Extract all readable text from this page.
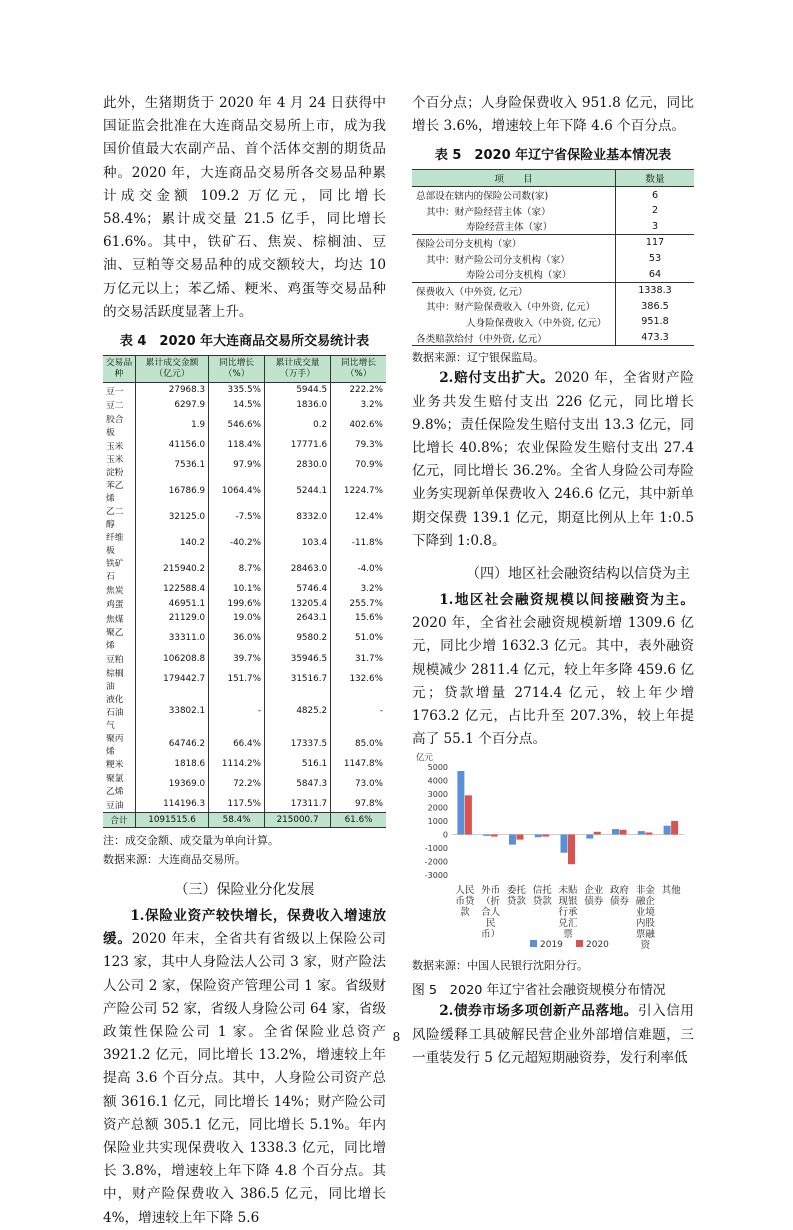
此外，生猪期货于 2020 年 4 月 24 日获得中国证监会批准在大连商品交易所上市，成为我国价值最大农副产品、首个活体交割的期货品种。2020 年，大连商品交易所各交易品种累计成交金额 109.2 万亿元，同比增长 58.4%；累计成交量 21.5 亿手，同比增长 61.6%。其中，铁矿石、焦炭、棕榈油、豆油、豆粕等交易品种的成交额较大，均达 10 万亿元以上；苯乙烯、粳米、鸡蛋等交易品种的交易活跃度显著上升。

表 4　2020 年大连商品交易所交易统计表
交易品种	累计成交金额（亿元）	同比增长（%）	累计成交量（万手）	同比增长（%）
豆一	27968.3	335.5%	5944.5	222.2%
豆二	6297.9	14.5%	1836.0	3.2%
胶合板	1.9	546.6%	0.2	402.6%
玉米	41156.0	118.4%	17771.6	79.3%
玉米淀粉	7536.1	97.9%	2830.0	70.9%
苯乙烯	16786.9	1064.4%	5244.1	1224.7%
乙二醇	32125.0	-7.5%	8332.0	12.4%
纤维板	140.2	-40.2%	103.4	-11.8%
铁矿石	215940.2	8.7%	28463.0	-4.0%
焦炭	122588.4	10.1%	5746.4	3.2%
鸡蛋	46951.1	199.6%	13205.4	255.7%
焦煤	21129.0	19.0%	2643.1	15.6%
聚乙烯	33311.0	36.0%	9580.2	51.0%
豆粕	106208.8	39.7%	35946.5	31.7%
棕榈油	179442.7	151.7%	31516.7	132.6%
液化石油气	33802.1	-	4825.2	-
聚丙烯	64746.2	66.4%	17337.5	85.0%
粳米	1818.6	1114.2%	516.1	1147.8%
聚氯乙烯	19369.0	72.2%	5847.3	73.0%
豆油	114196.3	117.5%	17311.7	97.8%
合计	1091515.6	58.4%	215000.7	61.6%

注：成交金额、成交量为单向计算。

数据来源：大连商品交易所。

（三）保险业分化发展

1.保险业资产较快增长，保费收入增速放缓。2020 年末，全省共有省级以上保险公司 123 家，其中人身险法人公司 3 家，财产险法人公司 2 家，保险资产管理公司 1 家。省级财产险公司 52 家，省级人身险公司 64 家，省级政策性保险公司 1 家。全省保险业总资产 3921.2 亿元，同比增长 13.2%，增速较上年提高 3.6 个百分点。其中，人身险公司资产总额 3616.1 亿元，同比增长 14%；财产险公司资产总额 305.1 亿元，同比增长 5.1%。年内保险业共实现保费收入 1338.3 亿元，同比增长 3.8%，增速较上年下降 4.8 个百分点。其中，财产险保费收入 386.5 亿元，同比增长 4%，增速较上年下降 5.6

个百分点；人身险保费收入 951.8 亿元，同比增长 3.6%，增速较上年下降 4.6 个百分点。

表 5　2020 年辽宁省保险业基本情况表
项　　目	数量
总部设在辖内的保险公司数(家)	6
其中：财产险经营主体（家）	2
寿险经营主体（家）	3
保险公司分支机构（家）	117
其中：财产险公司分支机构（家）	53
寿险公司分支机构（家）	64
保费收入（中外资, 亿元）	1338.3
其中：财产险保费收入（中外资, 亿元）	386.5
人身险保费收入（中外资, 亿元）	951.8
各类赔款给付（中外资, 亿元）	473.3

数据来源：辽宁银保监局。

2.赔付支出扩大。2020 年，全省财产险业务共发生赔付支出 226 亿元，同比增长 9.8%；责任保险发生赔付支出 13.3 亿元，同比增长 40.8%；农业保险发生赔付支出 27.4 亿元，同比增长 36.2%。全省人身险公司寿险业务实现新单保费收入 246.6 亿元，其中新单期交保费 139.1 亿元，期趸比例从上年 1:0.5 下降到 1:0.8。

（四）地区社会融资结构以信贷为主

1.地区社会融资规模以间接融资为主。2020 年，全省社会融资规模新增 1309.6 亿元，同比少增 1632.3 亿元。其中，表外融资规模减少 2811.4 亿元，较上年多降 459.6 亿元；贷款增量 2714.4 亿元，较上年少增 1763.2 亿元，占比升至 207.3%，较上年提高了 55.1 个百分点。

亿元
5000
4000
3000
2000
1000
0
-1000
-2000
-3000
人民
币贷
款
外币
（折
合人
民
币）
委托
贷款
信托
贷款
未贴
现银
行承
兑汇
票
企业
债券
政府
债券
非金
融企
业境
内股
票融
资
其他
2019	2020

数据来源：中国人民银行沈阳分行。

图 5　2020 年辽宁省社会融资规模分布情况

2.债券市场多项创新产品落地。引入信用风险缓释工具破解民营企业外部增信难题，三一重装发行 5 亿元超短期融资券，发行利率低

8
